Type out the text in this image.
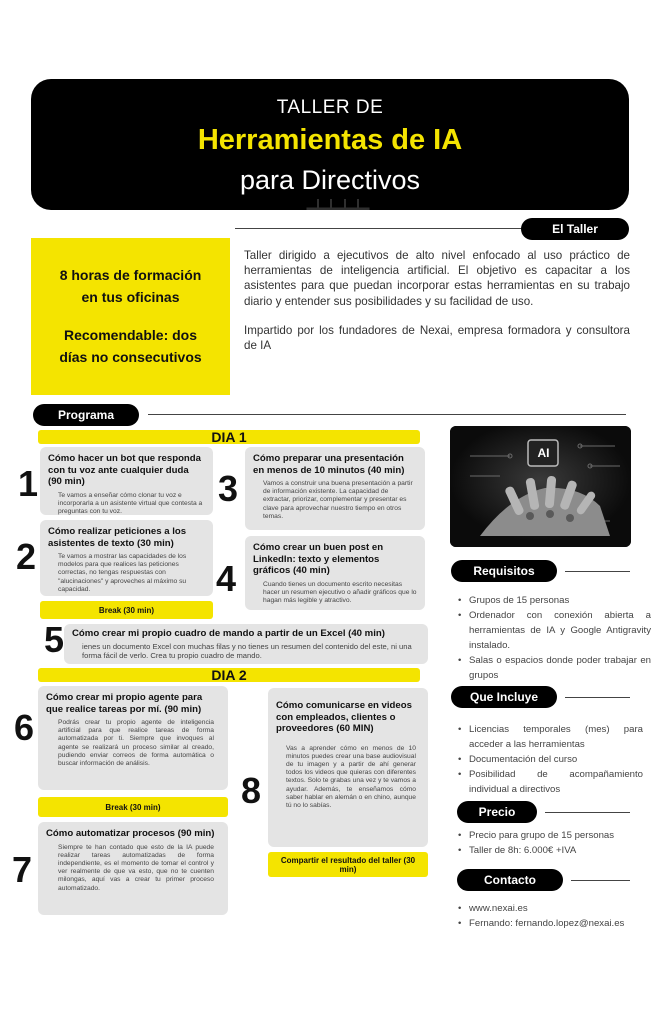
TALLER DE
Herramientas de IA
para Directivos
El Taller

8 horas de formación
en tus oficinas

Recomendable: dos
días no consecutivos

Taller dirigido a ejecutivos de alto nivel enfocado al uso práctico de herramientas de inteligencia artificial. El objetivo es capacitar a los asistentes para que puedan incorporar estas herramientas en su trabajo diario y entender sus posibilidades y su facilidad de uso.

Impartido por los fundadores de Nexai, empresa formadora y consultora de IA

Programa
DIA 1
1
Cómo hacer un bot que responda con tu voz ante cualquier duda (90 min)
Te vamos a enseñar cómo clonar tu voz e incorporarla a un asistente virtual que contesta a preguntas con tu voz.
3
Cómo preparar una presentación en menos de 10 minutos (40 min)
Vamos a construir una buena presentación a partir de información existente. La capacidad de extractar, priorizar, complementar y presentar es clave para aprovechar nuestro tiempo en otros temas.
2
Cómo realizar peticiones a los asistentes de texto (30 min)
Te vamos a mostrar las capacidades de los modelos para que realices las peticiones correctas, no tengas respuestas con "alucinaciones" y aproveches al máximo su capacidad.	4
Cómo crear un buen post en LinkedIn: texto y elementos gráficos (40 min)
Cuando tienes un documento escrito necesitas hacer un resumen ejecutivo o añadir gráficos que lo hagan más legible y atractivo.
Break (30 min)
5 Cómo crear mi propio cuadro de mando a partir de un Excel (40 min)
ienes un documento Excel con muchas filas y no tienes un resumen del contenido del este, ni una forma fácil de verlo. Crea tu propio cuadro de mando.
DIA 2
6
Cómo crear mi propio agente para que realice tareas por mí. (90 min)
Podrás crear tu propio agente de inteligencia artificial para que realice tareas de forma automatizada por ti. Siempre que invoques al agente se realizará un proceso similar al creado, pudiendo enviar correos de forma automática o buscar información de análisis.
Break (30 min)
7
Cómo automatizar procesos (90 min)
Siempre te han contado que esto de la IA puede realizar tareas automatizadas de forma independiente, es el momento de tomar el control y ver realmente de que va esto, que no te cuenten milongas, aquí vas a crear tu primer proceso automatizado.
8
Cómo comunicarse en videos con empleados, clientes o proveedores (60 MIN)
Vas a aprender cómo en menos de 10 minutos puedes crear una base audiovisual de tu imagen y a partir de ahí generar todos los videos que quieras con diferentes textos. Solo te grabas una vez y te vamos a ayudar. Además, te enseñamos cómo saber hablar en alemán o en chino, aunque tú no lo sabías.
Compartir el resultado del taller (30 min)
AI
Requisitos
• Grupos de 15 personas
• Ordenador con conexión abierta a herramientas de IA y Google Antigravity instalado.
• Salas o espacios donde poder trabajar en grupos
Que Incluye
• Licencias temporales (mes) para acceder a las herramientas
• Documentación del curso
• Posibilidad de acompañamiento individual a directivos
Precio
• Precio para grupo de 15 personas
• Taller de 8h: 6.000€ +IVA
Contacto
• www.nexai.es
• Fernando: fernando.lopez@nexai.es
